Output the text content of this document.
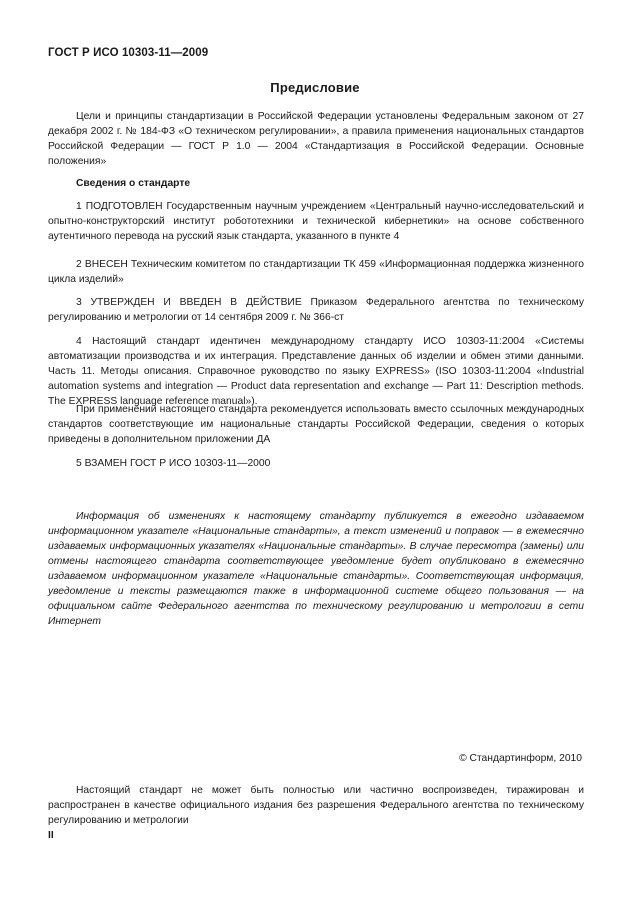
ГОСТ Р ИСО 10303-11—2009
Предисловие
Цели и принципы стандартизации в Российской Федерации установлены Федеральным законом от 27 декабря 2002 г. № 184-ФЗ «О техническом регулировании», а правила применения национальных стандартов Российской Федерации — ГОСТ Р 1.0 — 2004 «Стандартизация в Российской Федерации. Основные положения»
Сведения о стандарте
1 ПОДГОТОВЛЕН Государственным научным учреждением «Центральный научно-исследовательский и опытно-конструкторский институт робототехники и технической кибернетики» на основе собственного аутентичного перевода на русский язык стандарта, указанного в пункте 4
2 ВНЕСЕН Техническим комитетом по стандартизации ТК 459 «Информационная поддержка жизненного цикла изделий»
3 УТВЕРЖДЕН И ВВЕДЕН В ДЕЙСТВИЕ Приказом Федерального агентства по техническому регулированию и метрологии от 14 сентября 2009 г. № 366-ст
4 Настоящий стандарт идентичен международному стандарту ИСО 10303-11:2004 «Системы автоматизации производства и их интеграция. Представление данных об изделии и обмен этими данными. Часть 11. Методы описания. Справочное руководство по языку EXPRESS» (ISO 10303-11:2004 «Industrial automation systems and integration — Product data representation and exchange — Part 11: Description methods. The EXPRESS language reference manual»).
При применении настоящего стандарта рекомендуется использовать вместо ссылочных международных стандартов соответствующие им национальные стандарты Российской Федерации, сведения о которых приведены в дополнительном приложении ДА
5 ВЗАМЕН ГОСТ Р ИСО 10303-11—2000
Информация об изменениях к настоящему стандарту публикуется в ежегодно издаваемом информационном указателе «Национальные стандарты», а текст изменений и поправок — в ежемесячно издаваемых информационных указателях «Национальные стандарты». В случае пересмотра (замены) или отмены настоящего стандарта соответствующее уведомление будет опубликовано в ежемесячно издаваемом информационном указателе «Национальные стандарты». Соответствующая информация, уведомление и тексты размещаются также в информационной системе общего пользования — на официальном сайте Федерального агентства по техническому регулированию и метрологии в сети Интернет
© Стандартинформ, 2010
Настоящий стандарт не может быть полностью или частично воспроизведен, тиражирован и распространен в качестве официального издания без разрешения Федерального агентства по техническому регулированию и метрологии
II
